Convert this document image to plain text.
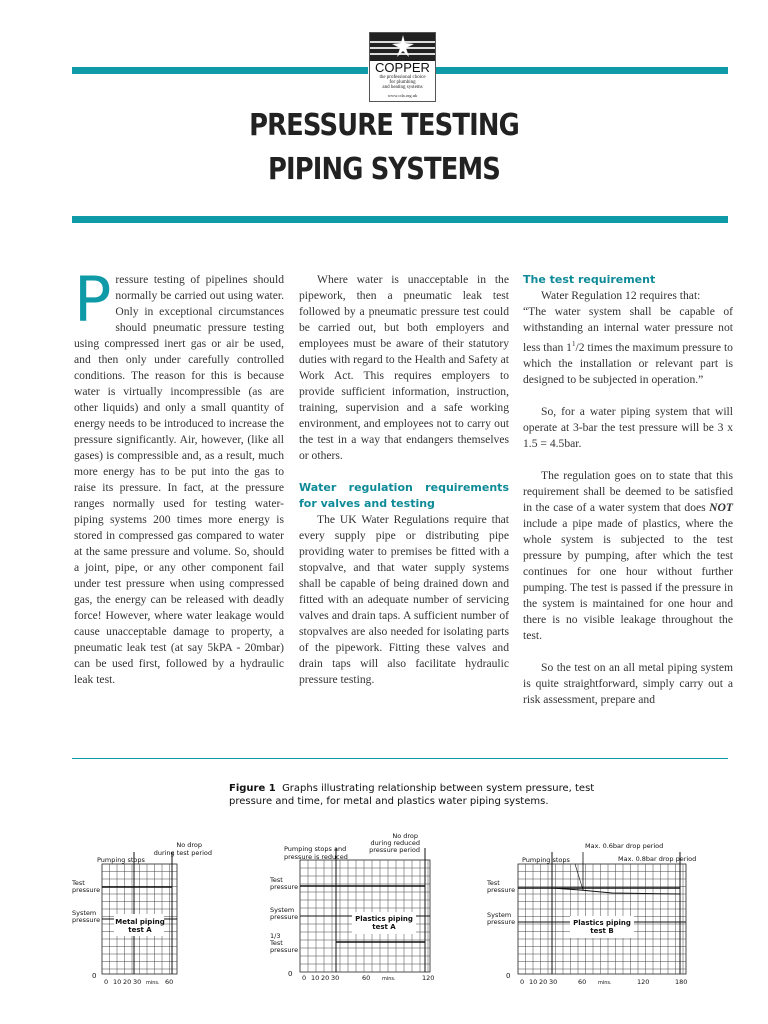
COPPER
the professional choice
for plumbing
and heating systems
www.cda.org.uk
PRESSURE TESTING
PIPING SYSTEMS
P ressure testing of pipelines should normally be carried out using water. Only in exceptional circumstances should pneumatic pressure testing using compressed inert gas or air be used, and then only under carefully controlled conditions. The reason for this is because water is virtually incompressible (as are other liquids) and only a small quantity of energy needs to be introduced to increase the pressure significantly. Air, however, (like all gases) is compressible and, as a result, much more energy has to be put into the gas to raise its pressure. In fact, at the pressure ranges normally used for testing water-piping systems 200 times more energy is stored in compressed gas compared to water at the same pressure and volume. So, should a joint, pipe, or any other component fail under test pressure when using compressed gas, the energy can be released with deadly force! However, where water leakage would cause unacceptable damage to property, a pneumatic leak test (at say 5kPA - 20mbar) can be used first, followed by a hydraulic leak test.

Where water is unacceptable in the pipework, then a pneumatic leak test followed by a pneumatic pressure test could be carried out, but both employers and employees must be aware of their statutory duties with regard to the Health and Safety at Work Act. This requires employers to provide sufficient information, instruction, training, supervision and a safe working environment, and employees not to carry out the test in a way that endangers themselves or others.

Water regulation requirements for valves and testing

The UK Water Regulations require that every supply pipe or distributing pipe providing water to premises be fitted with a stopvalve, and that water supply systems shall be capable of being drained down and fitted with an adequate number of servicing valves and drain taps. A sufficient number of stopvalves are also needed for isolating parts of the pipework. Fitting these valves and drain taps will also facilitate hydraulic pressure testing.

The test requirement

Water Regulation 12 requires that:

“The water system shall be capable of withstanding an internal water pressure not less than $1^1/2$ times the maximum pressure to which the installation or relevant part is designed to be subjected in operation.”

So, for a water piping system that will operate at 3-bar the test pressure will be 3 x 1.5 = 4.5bar.

The regulation goes on to state that this requirement shall be deemed to be satisfied in the case of a water system that does NOT include a pipe made of plastics, where the whole system is subjected to the test pressure by pumping, after which the test continues for one hour without further pumping. The test is passed if the pressure in the system is maintained for one hour and there is no visible leakage throughout the test.

So the test on an all metal piping system is quite straightforward, simply carry out a risk assessment, prepare and

Figure 1 Graphs illustrating relationship between system pressure, test pressure and time, for metal and plastics water piping systems.
No drop
during test period
Pumping stops
Test
pressure
System
pressure Metal piping
test A
0
0 10 20 30 mins. 60
No drop
during reduced
pressure period
Pumping stops and
pressure is reduced
Test
pressure
System
pressure
1/3
Test
pressure
Plastics piping
test A
0 0 10 20 30	60 mins.	120
Max. 0.6bar drop period
Max. 0.8bar drop period
Pumping stops
Test
pressure
System
pressure	Plastics piping
test B
0
0 10 20 30	60 mins.	120	180
